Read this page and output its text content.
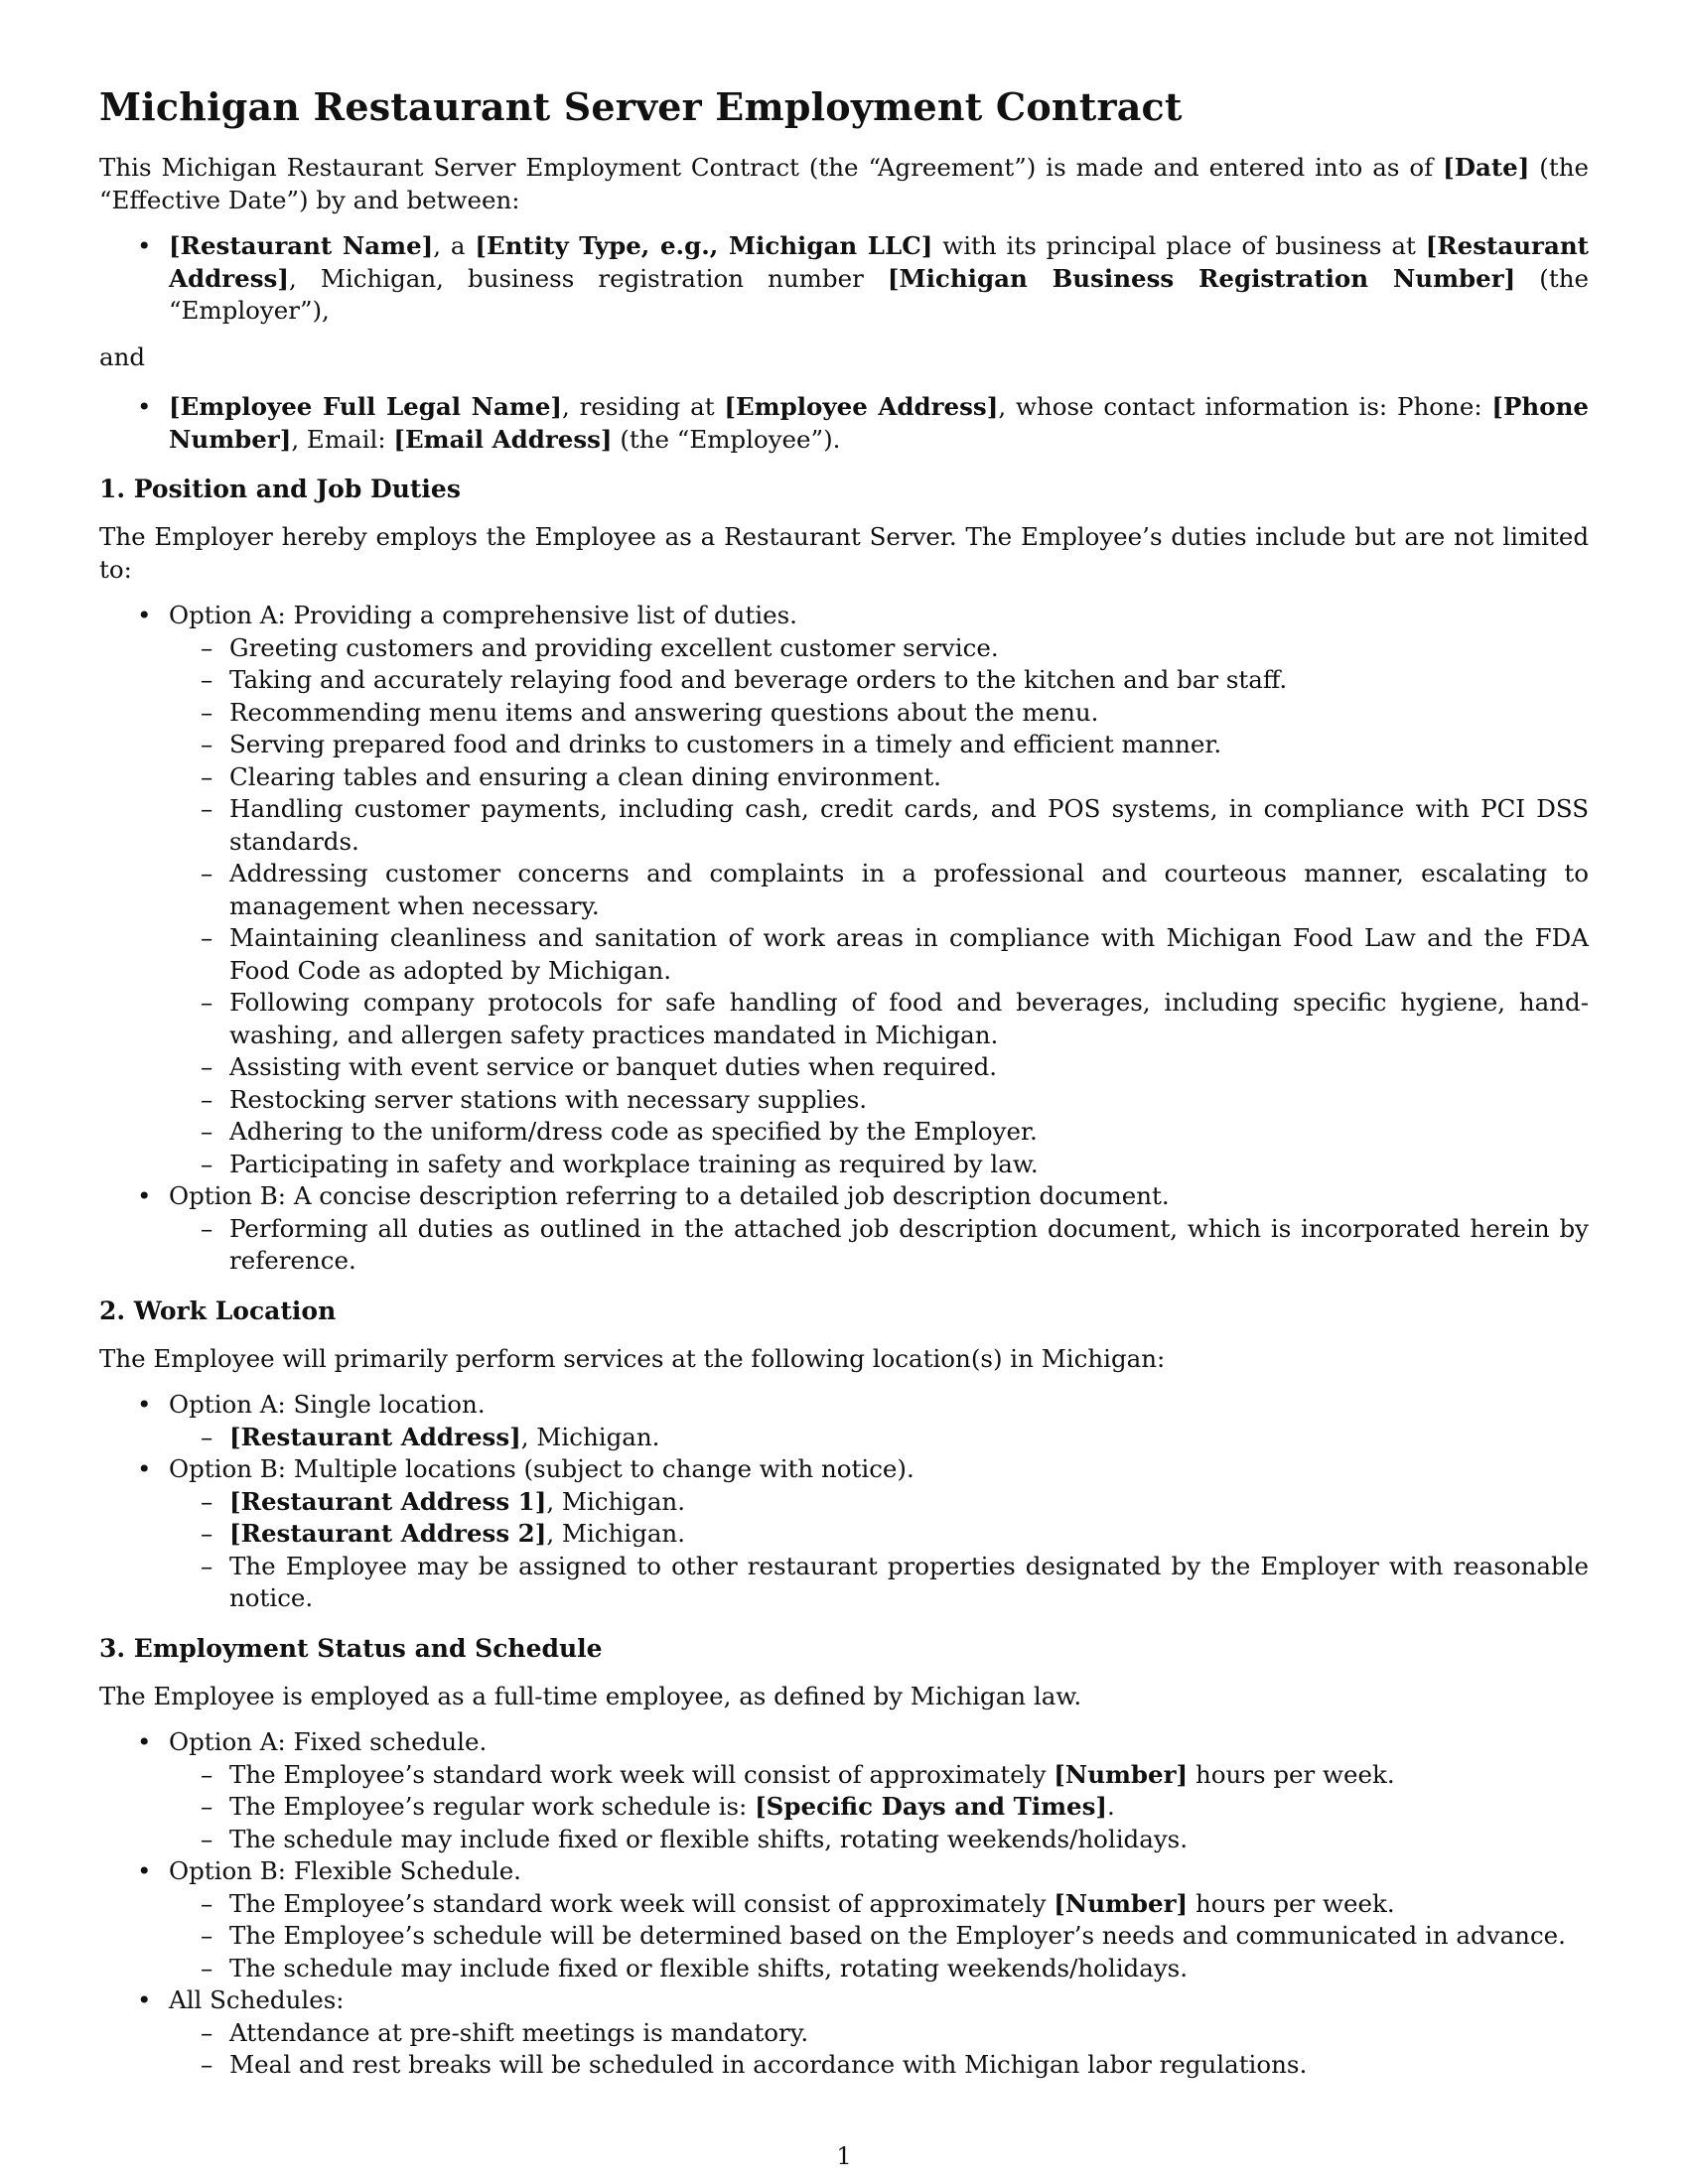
Michigan Restaurant Server Employment Contract

This Michigan Restaurant Server Employment Contract (the “Agreement”) is made and entered into as of [Date] (the “Effective Date”) by and between:

• [Restaurant Name], a [Entity Type, e.g., Michigan LLC] with its principal place of business at [Restaurant Address], Michigan, business registration number [Michigan Business Registration Number] (the “Employer”),
and
• [Employee Full Legal Name], residing at [Employee Address], whose contact information is: Phone: [Phone Number], Email: [Email Address] (the “Employee”).
1. Position and Job Duties

The Employer hereby employs the Employee as a Restaurant Server. The Employee’s duties include but are not limited to:

• Option A: Providing a comprehensive list of duties.
– Greeting customers and providing excellent customer service.
– Taking and accurately relaying food and beverage orders to the kitchen and bar staff.
– Recommending menu items and answering questions about the menu.
– Serving prepared food and drinks to customers in a timely and efficient manner.
– Clearing tables and ensuring a clean dining environment.
– Handling customer payments, including cash, credit cards, and POS systems, in compliance with PCI DSS standards.
– Addressing customer concerns and complaints in a professional and courteous manner, escalating to management when necessary.
– Maintaining cleanliness and sanitation of work areas in compliance with Michigan Food Law and the FDA Food Code as adopted by Michigan.
– Following company protocols for safe handling of food and beverages, including specific hygiene, hand-washing, and allergen safety practices mandated in Michigan.
– Assisting with event service or banquet duties when required.
– Restocking server stations with necessary supplies.
– Adhering to the uniform/dress code as specified by the Employer.
– Participating in safety and workplace training as required by law.
• Option B: A concise description referring to a detailed job description document.
– Performing all duties as outlined in the attached job description document, which is incorporated herein by reference.
2. Work Location

The Employee will primarily perform services at the following location(s) in Michigan:

• Option A: Single location.
– [Restaurant Address], Michigan.
• Option B: Multiple locations (subject to change with notice).
– [Restaurant Address 1], Michigan.
– [Restaurant Address 2], Michigan.
– The Employee may be assigned to other restaurant properties designated by the Employer with reasonable notice.
3. Employment Status and Schedule

The Employee is employed as a full-time employee, as defined by Michigan law.

• Option A: Fixed schedule.
– The Employee’s standard work week will consist of approximately [Number] hours per week.
– The Employee’s regular work schedule is: [Specific Days and Times].
– The schedule may include fixed or flexible shifts, rotating weekends/holidays.
• Option B: Flexible Schedule.
– The Employee’s standard work week will consist of approximately [Number] hours per week.
– The Employee’s schedule will be determined based on the Employer’s needs and communicated in advance.
– The schedule may include fixed or flexible shifts, rotating weekends/holidays.
• All Schedules:
– Attendance at pre-shift meetings is mandatory.
– Meal and rest breaks will be scheduled in accordance with Michigan labor regulations.
1
